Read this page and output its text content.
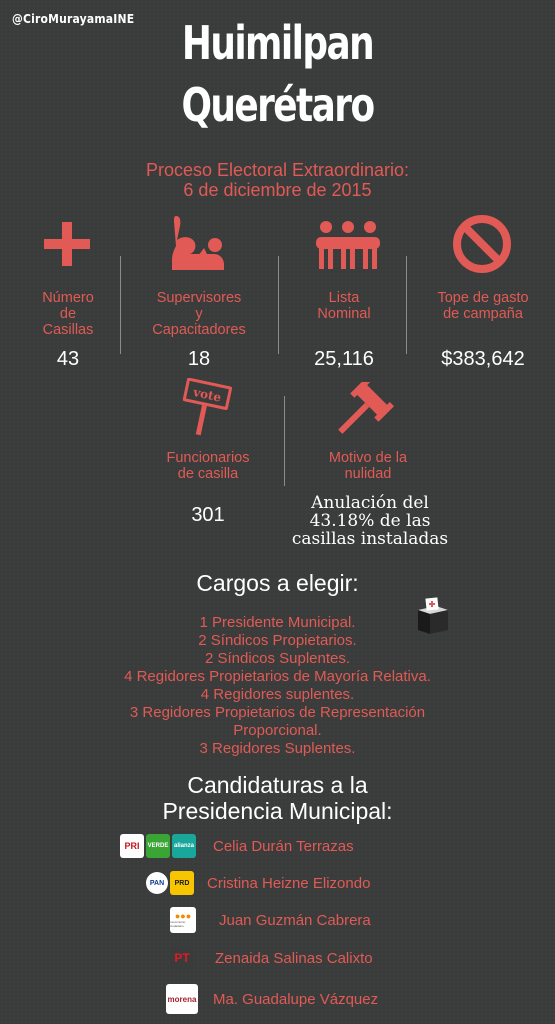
@CiroMurayamaINE	Huimilpan
Querétaro
Proceso Electoral Extraordinario:
6 de diciembre de 2015
Número
de
Casillas
Supervisores
y
Capacitadores
Lista
Nominal
Tope de gasto
de campaña
43	18	25,116	$383,642
vote
Funcionarios
de casilla
Motivo de la
nulidad
301
Anulación del
43.18% de las
casillas instaladas
Cargos a elegir:
1 Presidente Municipal.
2 Síndicos Propietarios.
2 Síndicos Suplentes.
4 Regidores Propietarios de Mayoría Relativa.
4 Regidores suplentes.
3 Regidores Propietarios de Representación
Proporcional.
3 Regidores Suplentes.
Candidaturas a la
Presidencia Municipal:
PRI VERDE alianza Celia Durán Terrazas
PAN PRD Cristina Heizne Elizondo
●●●
movimiento ciudadano	Juan Guzmán Cabrera
PT Zenaida Salinas Calixto
morena Ma. Guadalupe Vázquez
